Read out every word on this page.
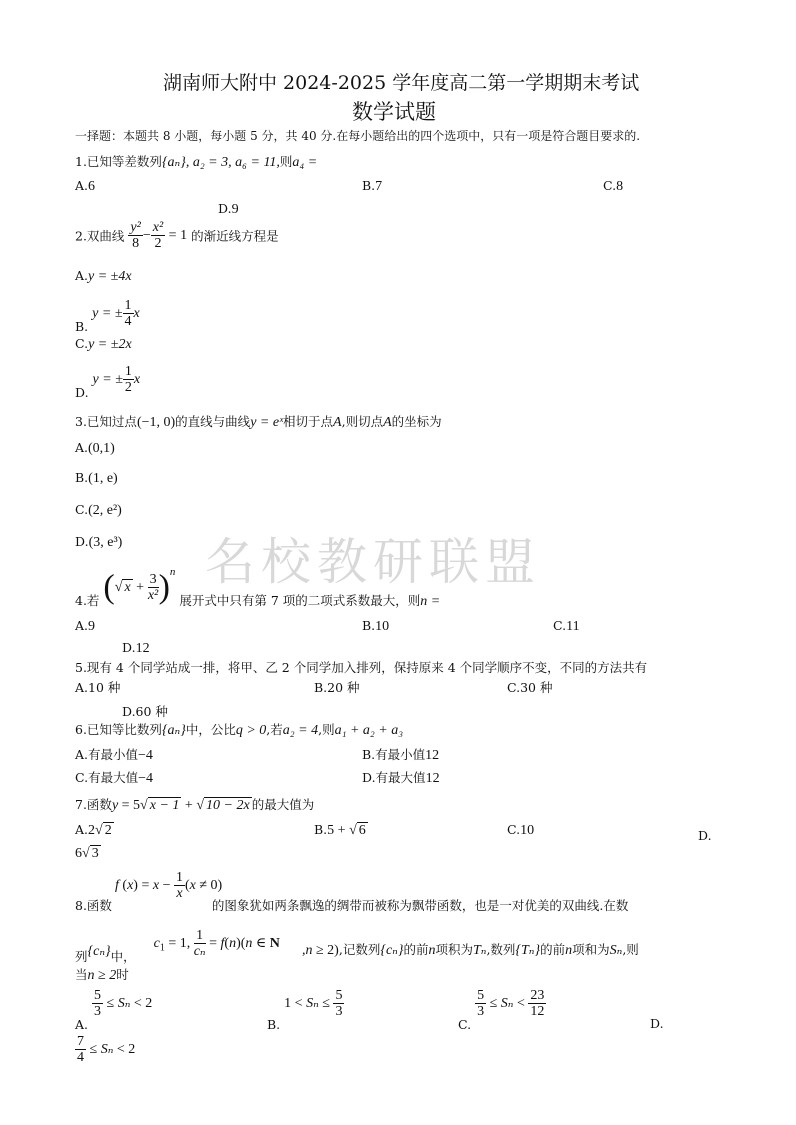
名校教研联盟
湖南师大附中 2024-2025 学年度高二第一学期期末考试
数学试题
一择题：本题共 8 小题，每小题 5 分，共 40 分.在每小题给出的四个选项中，只有一项是符合题目要求的.
1.已知等差数列{aₙ}, a₂ = 3, a₆ = 11,则a₄ =
A.6	B.7	C.8
D.9
2.双曲线 $\frac{\text{y²}}{8} - \frac{\text{x²}}{2} = 1$ 的渐近线方程是
A.y = ±4x
B. y = ± $\frac{1}{4}$ x
C.y = ±2x
D. y = ± $\frac{1}{2}$ x
3.已知过点(−1, 0)的直线与曲线y = eˣ相切于点A,则切点A的坐标为
A.(0,1)
B.(1, e)
C.(2, e²)
D.(3, e³)
4.若 (√ $x + \frac{3}{\text{x²}} )^n$ 展开式中只有第 7 项的二项式系数最大，则n =
A.9	B.10	C.11
D.12
5.现有 4 个同学站成一排，将甲、乙 2 个同学加入排列，保持原来 4 个同学顺序不变，不同的方法共有
A.10 种	B.20 种	C.30 种
D.60 种
6.已知等比数列{aₙ}中，公比q > 0,若a₂ = 4,则a₁ + a₂ + a₃
A.有最小值−4	B.有最小值12
C.有最大值−4	D.有最大值12
7.函数y = 5√ x − 1 + √ 10 − 2x 的最大值为
A.2√ 2	B.5 + √ 6	C.10	D.
6√ 3
f $(x) = x - \frac{1}{x} (x \ne 0)$
8.函数	的图象犹如两条飘逸的绸带而被称为飘带函数，也是一对优美的双曲线.在数
列{cₙ}中，  $c_1 = 1$, $\frac{1}{\text{cₙ}} = f(n)(n$ ∈ N ,n ≥ 2),记数列{cₙ}的前n项积为Tₙ,数列{Tₙ}的前n项和为Sₙ,则
当n ≥ 2时
A.
$\frac{5}{3} \le S_n < 2$
B. $1 < S_n \le \frac{5}{3}$
C.
$\frac{5}{3} \le S_n < \frac{23}{12}$
D.
$\frac{7}{4} \le S_n < 2$
